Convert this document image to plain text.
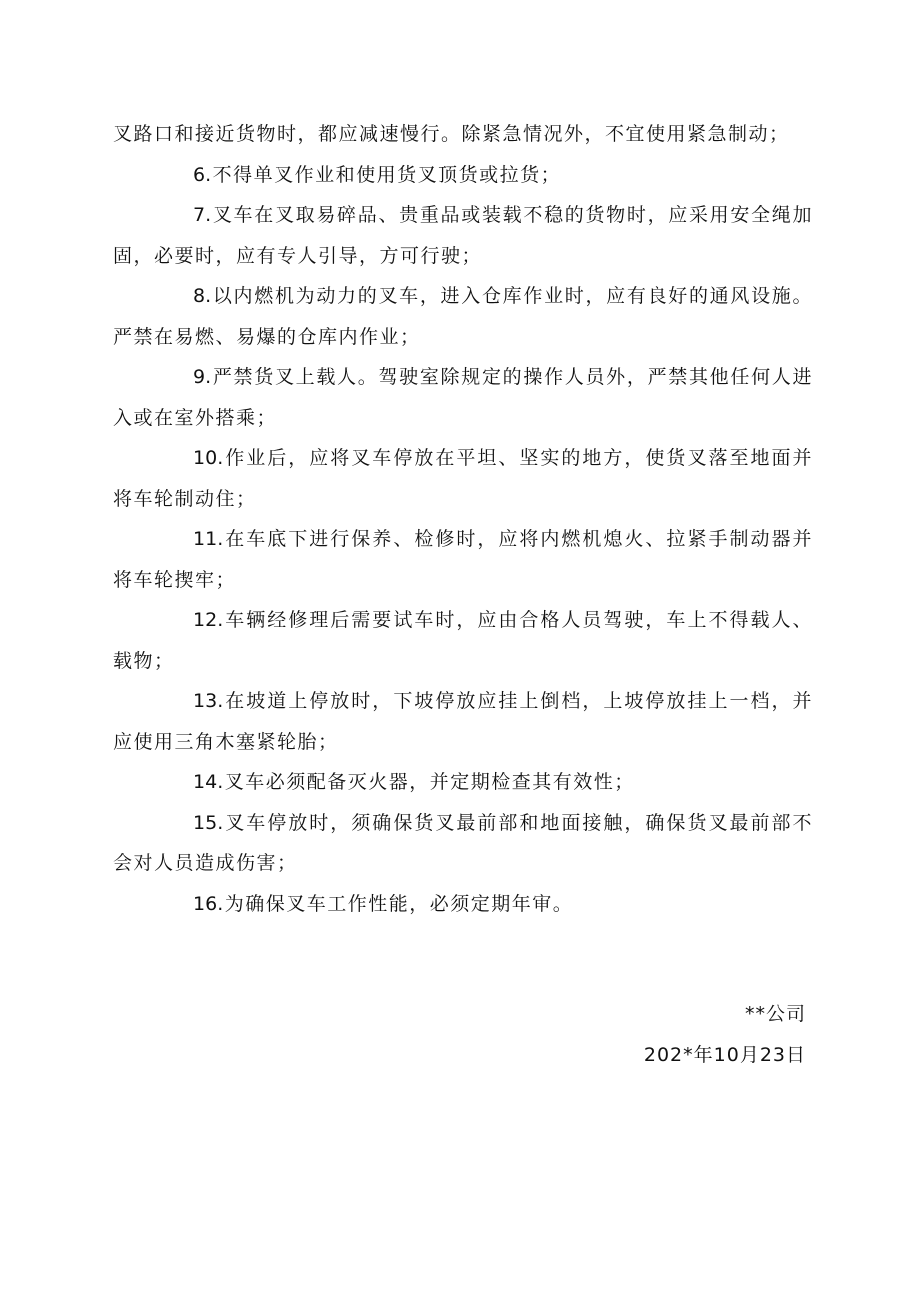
叉路口和接近货物时，都应减速慢行。除紧急情况外，不宜使用紧急制动；

6.不得单叉作业和使用货叉顶货或拉货；

7.叉车在叉取易碎品、贵重品或装载不稳的货物时，应采用安全绳加固，必要时，应有专人引导，方可行驶；

8.以内燃机为动力的叉车，进入仓库作业时，应有良好的通风设施。严禁在易燃、易爆的仓库内作业；

9.严禁货叉上载人。驾驶室除规定的操作人员外，严禁其他任何人进入或在室外搭乘；

10.作业后，应将叉车停放在平坦、坚实的地方，使货叉落至地面并将车轮制动住；

11.在车底下进行保养、检修时，应将内燃机熄火、拉紧手制动器并将车轮揳牢；

12.车辆经修理后需要试车时，应由合格人员驾驶，车上不得载人、载物；

13.在坡道上停放时，下坡停放应挂上倒档，上坡停放挂上一档，并应使用三角木塞紧轮胎；

14.叉车必须配备灭火器，并定期检查其有效性；

15.叉车停放时，须确保货叉最前部和地面接触，确保货叉最前部不会对人员造成伤害；

16.为确保叉车工作性能，必须定期年审。

**公司
202*年10月23日
